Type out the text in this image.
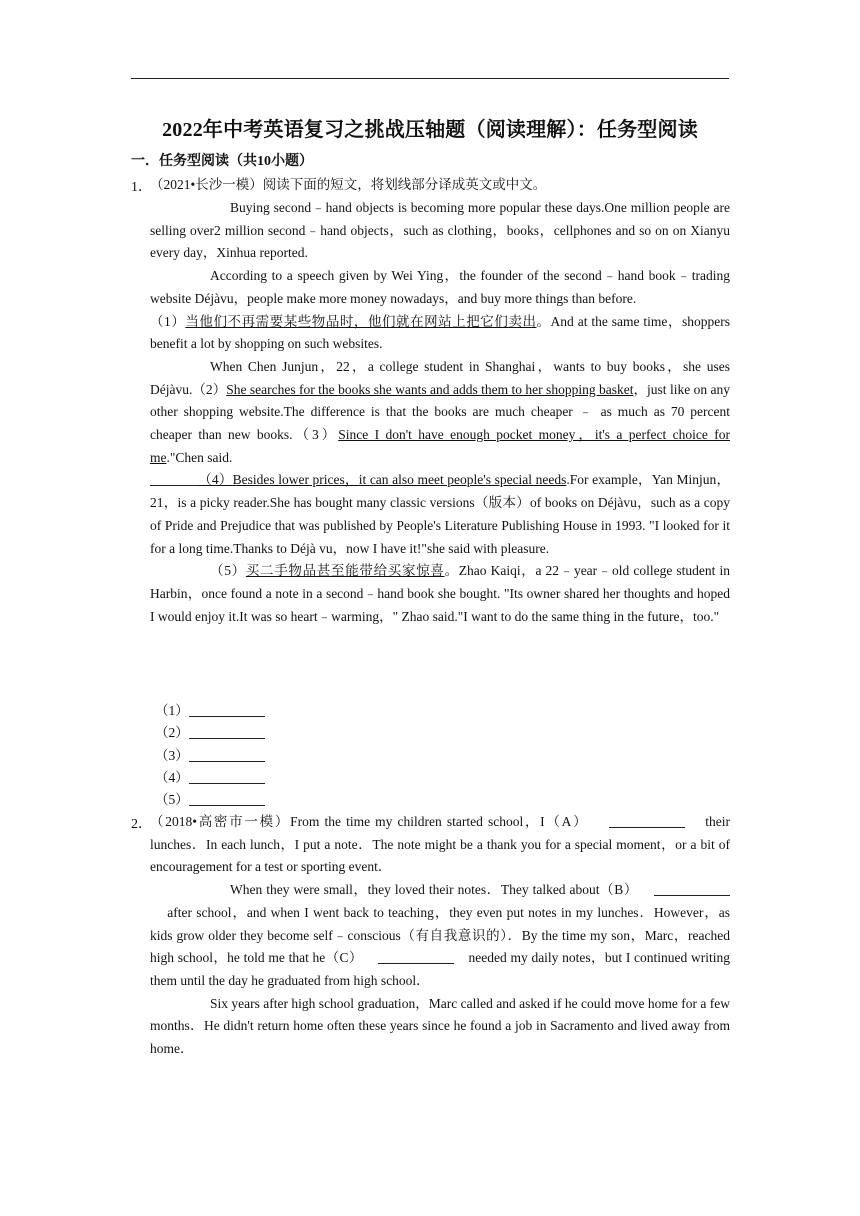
2022年中考英语复习之挑战压轴题（阅读理解）：任务型阅读
一．任务型阅读（共10小题）
1．

（2021•长沙一模）阅读下面的短文，将划线部分译成英文或中文。

Buying second﹣hand objects is becoming more popular these days.One million people are selling over2 million second﹣hand objects，such as clothing，books，cellphones and so on on Xianyu every day，Xinhua reported.

According to a speech given by Wei Ying，the founder of the second﹣hand book﹣trading website Déjàvu，people make more money nowadays，and buy more things than before.
（1）当他们不再需要某些物品时，他们就在网站上把它们卖出。And at the same time，shoppers benefit a lot by shopping on such websites.

When Chen Junjun，22，a college student in Shanghai，wants to buy books，she uses Déjàvu.（2）She searches for the books she wants and adds them to her shopping basket，just like on any other shopping website.The difference is that the books are much cheaper ﹣ as much as 70 percent cheaper than new books.（3）Since I don't have enough pocket money，it's a perfect choice for me."Chen said.

（4）Besides lower prices，it can also meet people's special needs.For example，Yan Minjun，21，is a picky reader.She has bought many classic versions（版本）of books on Déjàvu，such as a copy of Pride and Prejudice that was published by People's Literature Publishing House in 1993. "I looked for it for a long time.Thanks to Déjà vu，now I have it!"she said with pleasure.

（5）买二手物品甚至能带给买家惊喜。Zhao Kaiqi，a 22﹣year﹣old college student in Harbin，once found a note in a second﹣hand book she bought. "Its owner shared her thoughts and hoped I would enjoy it.It was so heart﹣warming，" Zhao said."I want to do the same thing in the future，too."

（1）
（2）
（3）
（4）
（5）
2．

（2018•高密市一模）From the time my children started school，I（A）	their lunches．In each lunch，I put a note．The note might be a thank you for a special moment，or a bit of encouragement for a test or sporting event．

When they were small，they loved their notes．They talked about（B）        after school，and when I went back to teaching，they even put notes in my lunches．However，as kids grow older they become self﹣conscious（有自我意识的）．By the time my son，Marc，reached high school，he told me that he（C）	needed my daily notes，but I continued writing them until the day he graduated from high school．

Six years after high school graduation，Marc called and asked if he could move home for a few months．He didn't return home often these years since he found a job in Sacramento and lived away from home．
